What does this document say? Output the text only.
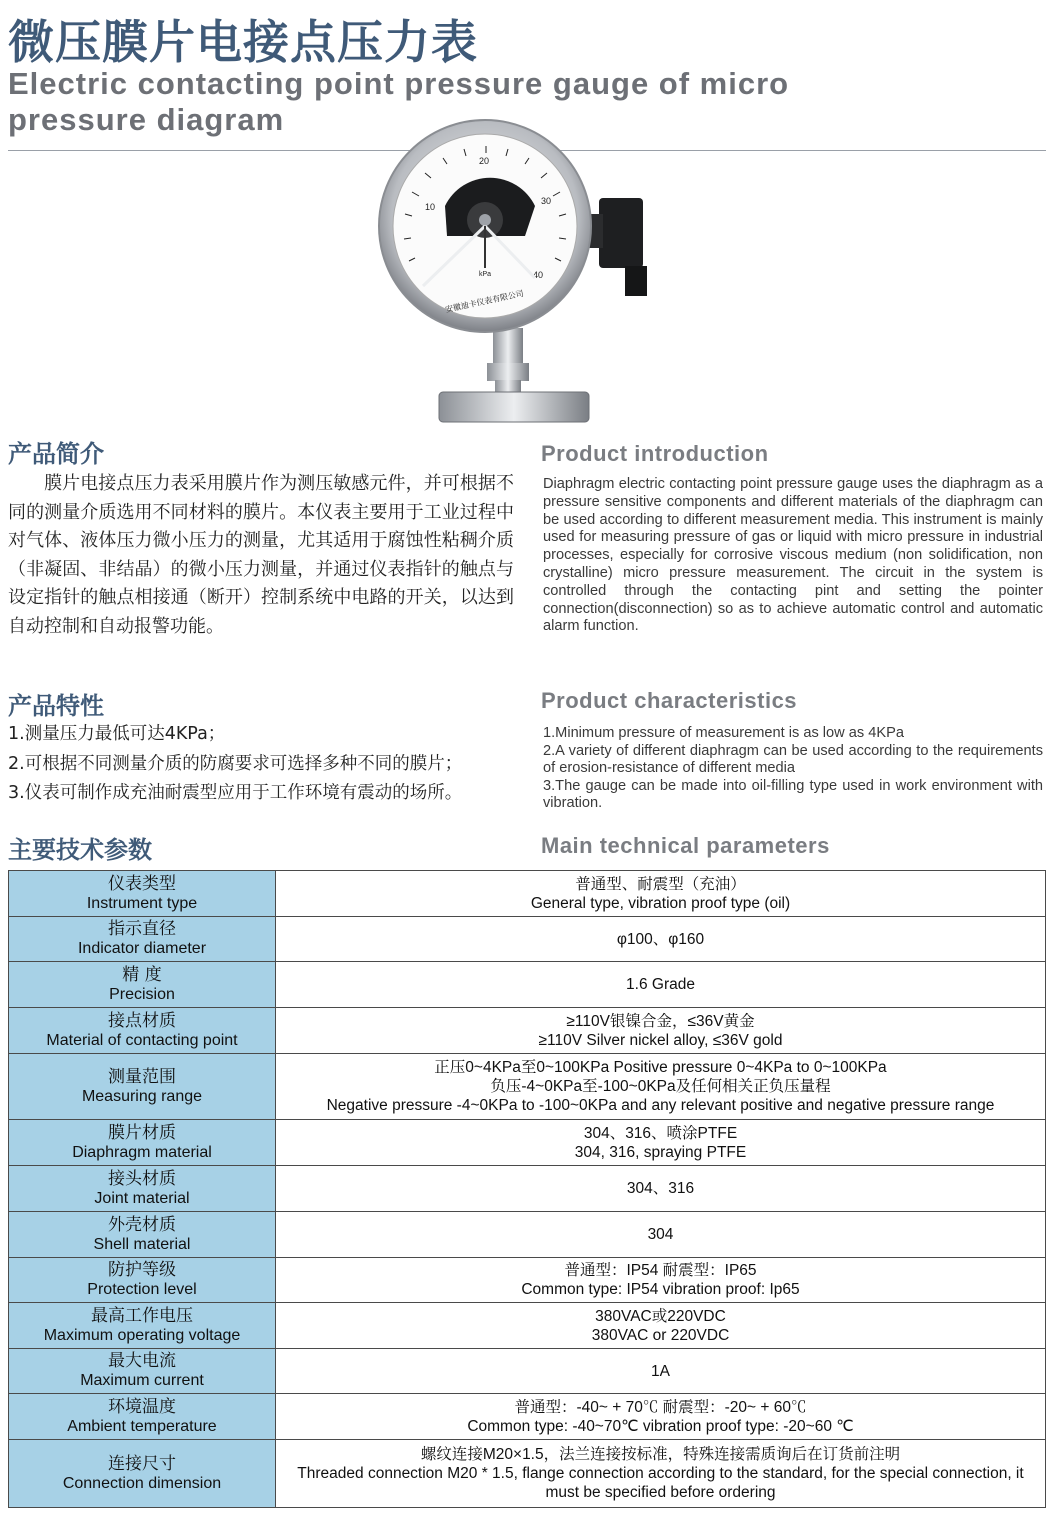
微压膜片电接点压力表
Electric contacting point pressure gauge of micro pressure diagram
10
20
30
40
kPa
安徽迪卡仪表有限公司
产品简介	Product introduction
膜片电接点压力表采用膜片作为测压敏感元件，并可根据不同的测量介质选用不同材料的膜片。本仪表主要用于工业过程中对气体、液体压力微小压力的测量，尤其适用于腐蚀性粘稠介质（非凝固、非结晶）的微小压力测量，并通过仪表指针的触点与设定指针的触点相接通（断开）控制系统中电路的开关，以达到自动控制和自动报警功能。
Diaphragm electric contacting point pressure gauge uses the diaphragm as a pressure sensitive components and different materials of the diaphragm can be used according to different measurement media. This instrument is mainly used for measuring pressure of gas or liquid with micro pressure in industrial processes, especially for corrosive viscous medium (non solidification, non crystalline) micro pressure measurement. The circuit in the system is controlled through the contacting pint and setting the pointer connection(disconnection) so as to achieve automatic control and automatic alarm function.
产品特性	Product characteristics
1.测量压力最低可达4KPa；
2.可根据不同测量介质的防腐要求可选择多种不同的膜片；
3.仪表可制作成充油耐震型应用于工作环境有震动的场所。

1.Minimum pressure of measurement is as low as 4KPa

2.A variety of different diaphragm can be used according to the requirements of erosion-resistance of different media

3.The gauge can be made into oil-filling type used in work environment with vibration.

主要技术参数	Main technical parameters
仪表类型
Instrument type	普通型、耐震型（充油）
General type, vibration proof type (oil)

指示直径
Indicator diameter	φ100、φ160

精 度
Precision	1.6 Grade

接点材质
Material of contacting point	≥110V银镍合金，≤36V黄金
≥110V Silver nickel alloy, ≤36V gold

测量范围
Measuring range	正压0~4KPa至0~100KPa Positive pressure 0~4KPa to 0~100KPa
负压-4~0KPa至-100~0KPa及任何相关正负压量程
Negative pressure -4~0KPa to -100~0KPa and any relevant positive and negative pressure range

膜片材质
Diaphragm material	304、316、喷涂PTFE
304, 316, spraying PTFE

接头材质
Joint material	304、316

外壳材质
Shell material	304

防护等级
Protection level	普通型：IP54 耐震型：IP65
Common type: IP54 vibration proof: Ip65

最高工作电压
Maximum operating voltage	380VAC或220VDC
380VAC or 220VDC

最大电流
Maximum current	1A

环境温度
Ambient temperature	普通型：-40~ + 70℃ 耐震型：-20~ + 60℃
Common type: -40~70℃ vibration proof type: -20~60 ℃

连接尺寸
Connection dimension	螺纹连接M20×1.5，法兰连接按标准，特殊连接需质询后在订货前注明
Threaded connection M20 * 1.5, flange connection according to the standard, for the special connection, it must be specified before ordering
